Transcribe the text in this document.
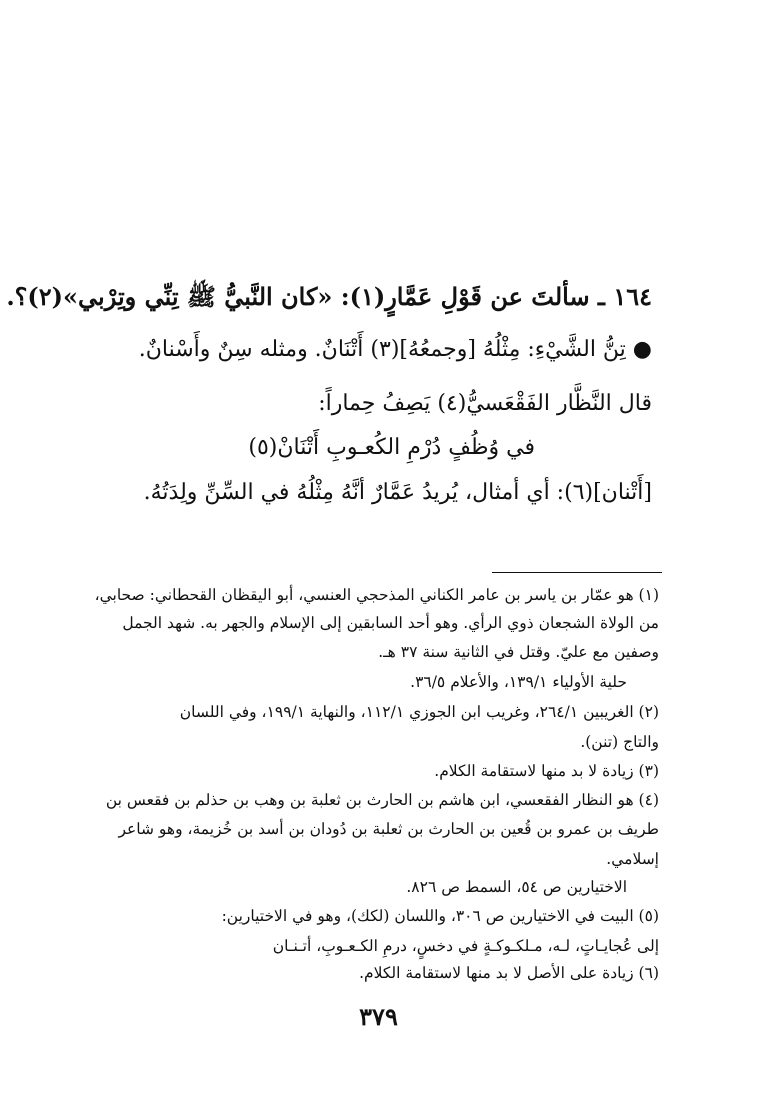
١٦٤ ـ سألتَ عن قَوْلِ عَمَّارٍ(١): «كان النَّبيُّ ﷺ تِنِّي وتِرْبي»(٢)؟.
● تِنُّ الشَّيْءِ: مِثْلُهُ [وجمعُهُ](٣) أَتْنَانٌ. ومثله سِنٌ وأَسْنانٌ.
قال النَّظَّار الفَقْعَسيُّ(٤) يَصِفُ حِماراً:
في وُظُفٍ دُرْمِ الكُعـوبِ أَتْنَانْ(٥)
[أَتْنان](٦): أي أمثال، يُريدُ عَمَّارٌ أنَّهُ مِثْلُهُ في السِّنِّ ولِدَتُهُ.
(١) هو عمّار بن ياسر بن عامر الكناني المذحجي العنسي، أبو اليقظان القحطاني: صحابي،
من الولاة الشجعان ذوي الرأي. وهو أحد السابقين إلى الإسلام والجهر به. شهد الجمل
وصفين مع عليّ. وقتل في الثانية سنة ٣٧ هـ.
حلية الأولياء ١٣٩/١، والأعلام ٣٦/٥.
(٢) الغريبين ٢٦٤/١، وغريب ابن الجوزي ١١٢/١، والنهاية ١٩٩/١، وفي اللسان
والتاج (تنن).
(٣) زيادة لا بد منها لاستقامة الكلام.
(٤) هو النظار الفقعسي، ابن هاشم بن الحارث بن ثعلبة بن وهب بن حذلم بن فقعس بن
طريف بن عمرو بن قُعين بن الحارث بن ثعلبة بن دُودان بن أسد بن خُزيمة، وهو شاعر
إسلامي.
الاختيارين ص ٥٤، السمط ص ٨٢٦.
(٥) البيت في الاختيارين ص ٣٠٦، واللسان (لكك)، وهو في الاختيارين:
إلى عُجايـاتٍ، لـه، مـلكـوكـةٍ في دخسٍ، درمِ الكـعـوبِ، أتـنـان
(٦) زيادة على الأصل لا بد منها لاستقامة الكلام.
٣٧٩
